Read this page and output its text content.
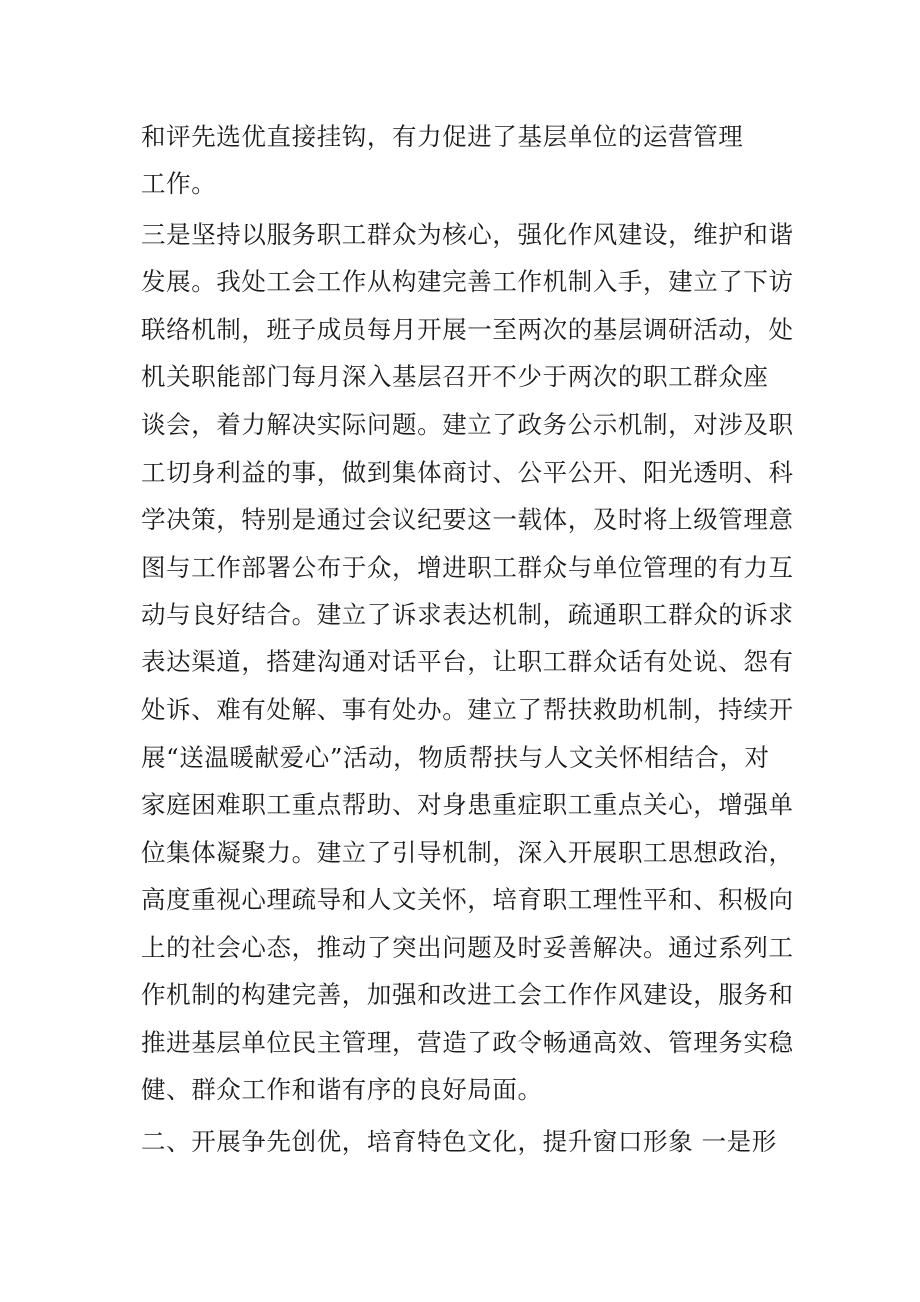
和评先选优直接挂钩，有力促进了基层单位的运营管理
工作。
三是坚持以服务职工群众为核心，强化作风建设，维护和谐
发展。我处工会工作从构建完善工作机制入手，建立了下访
联络机制，班子成员每月开展一至两次的基层调研活动，处
机关职能部门每月深入基层召开不少于两次的职工群众座
谈会，着力解决实际问题。建立了政务公示机制，对涉及职
工切身利益的事，做到集体商讨、公平公开、阳光透明、科
学决策，特别是通过会议纪要这一载体，及时将上级管理意
图与工作部署公布于众，增进职工群众与单位管理的有力互
动与良好结合。建立了诉求表达机制，疏通职工群众的诉求
表达渠道，搭建沟通对话平台，让职工群众话有处说、怨有
处诉、难有处解、事有处办。建立了帮扶救助机制，持续开
展“送温暖献爱心”活动，物质帮扶与人文关怀相结合，对
家庭困难职工重点帮助、对身患重症职工重点关心，增强单
位集体凝聚力。建立了引导机制，深入开展职工思想政治，
高度重视心理疏导和人文关怀，培育职工理性平和、积极向
上的社会心态，推动了突出问题及时妥善解决。通过系列工
作机制的构建完善，加强和改进工会工作作风建设，服务和
推进基层单位民主管理，营造了政令畅通高效、管理务实稳
健、群众工作和谐有序的良好局面。
二、开展争先创优，培育特色文化，提升窗口形象 一是形
